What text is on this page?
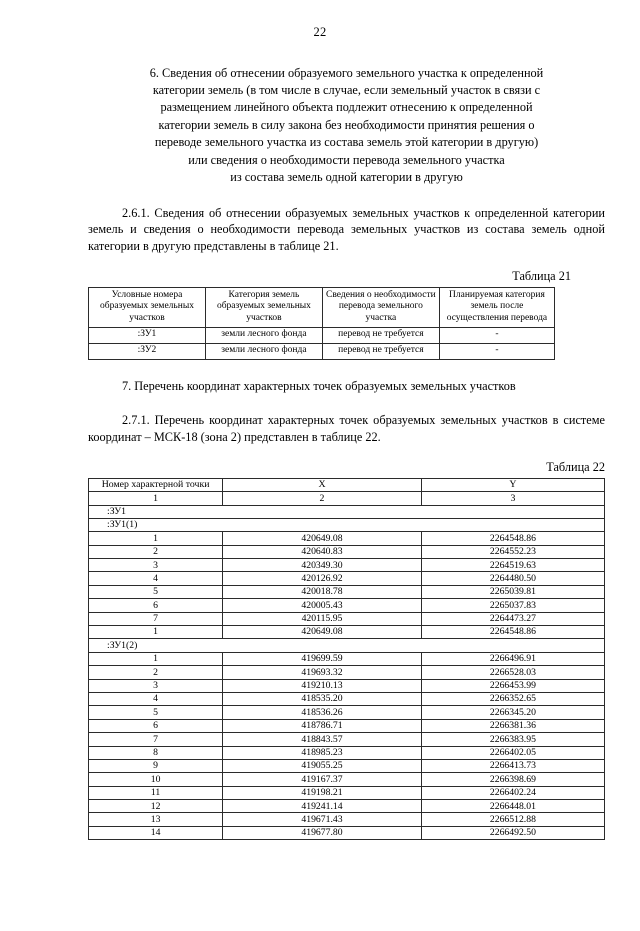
22
6. Сведения об отнесении образуемого земельного участка к определенной
категории земель (в том числе в случае, если земельный участок в связи с
размещением линейного объекта подлежит отнесению к определенной
категории земель в силу закона без необходимости принятия решения о
переводе земельного участка из состава земель этой категории в другую)
или сведения о необходимости перевода земельного участка
из состава земель одной категории в другую

2.6.1. Сведения об отнесении образуемых земельных участков к определенной категории земель и сведения о необходимости перевода земельных участков из состава земель одной категории в другую представлены в таблице 21.

Таблица 21
Условные номера образуемых земельных участков	Категория земель образуемых земельных участков	Сведения о необходимости перевода земельного участка	Планируемая категория земель после осуществления перевода
:ЗУ1	земли лесного фонда	перевод не требуется	-
:ЗУ2	земли лесного фонда	перевод не требуется	-

7. Перечень координат характерных точек образуемых земельных участков

2.7.1. Перечень координат характерных точек образуемых земельных участков в системе координат – МСК-18 (зона 2) представлен в таблице 22.

Таблица 22
Номер характерной точки	X	Y
1	2	3
:ЗУ1		
:ЗУ1(1)		
1	420649.08	2264548.86
2	420640.83	2264552.23
3	420349.30	2264519.63
4	420126.92	2264480.50
5	420018.78	2265039.81
6	420005.43	2265037.83
7	420115.95	2264473.27
1	420649.08	2264548.86
:ЗУ1(2)		
1	419699.59	2266496.91
2	419693.32	2266528.03
3	419210.13	2266453.99
4	418535.20	2266352.65
5	418536.26	2266345.20
6	418786.71	2266381.36
7	418843.57	2266383.95
8	418985.23	2266402.05
9	419055.25	2266413.73
10	419167.37	2266398.69
11	419198.21	2266402.24
12	419241.14	2266448.01
13	419671.43	2266512.88
14	419677.80	2266492.50
